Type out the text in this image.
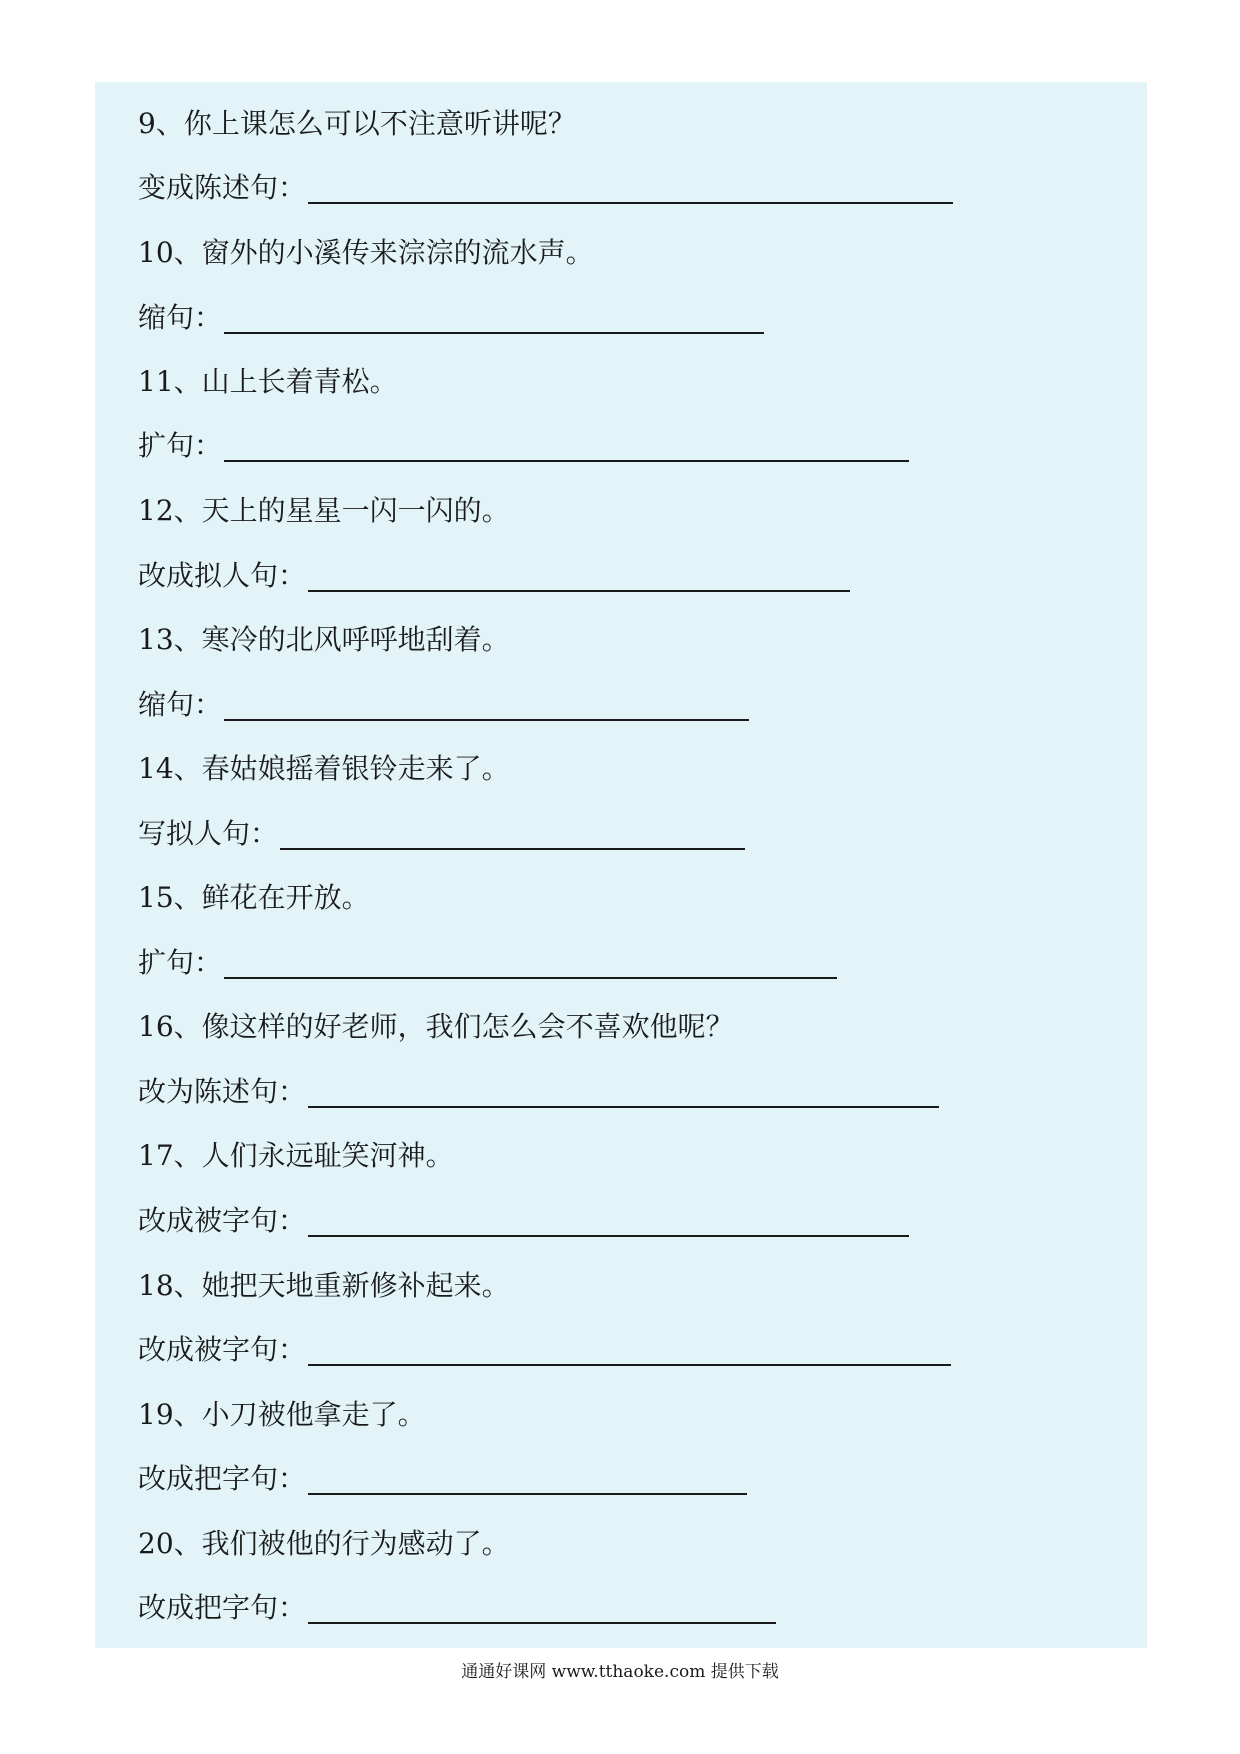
9、你上课怎么可以不注意听讲呢？
变成陈述句：
10、窗外的小溪传来淙淙的流水声。
缩句：
11、山上长着青松。
扩句：
12、天上的星星一闪一闪的。
改成拟人句：
13、寒冷的北风呼呼地刮着。
缩句：
14、春姑娘摇着银铃走来了。
写拟人句：
15、鲜花在开放。
扩句：
16、像这样的好老师，我们怎么会不喜欢他呢？
改为陈述句：
17、人们永远耻笑河神。
改成被字句：
18、她把天地重新修补起来。
改成被字句：
19、小刀被他拿走了。
改成把字句：
20、我们被他的行为感动了。
改成把字句：
通通好课网 www.tthaoke.com 提供下载
